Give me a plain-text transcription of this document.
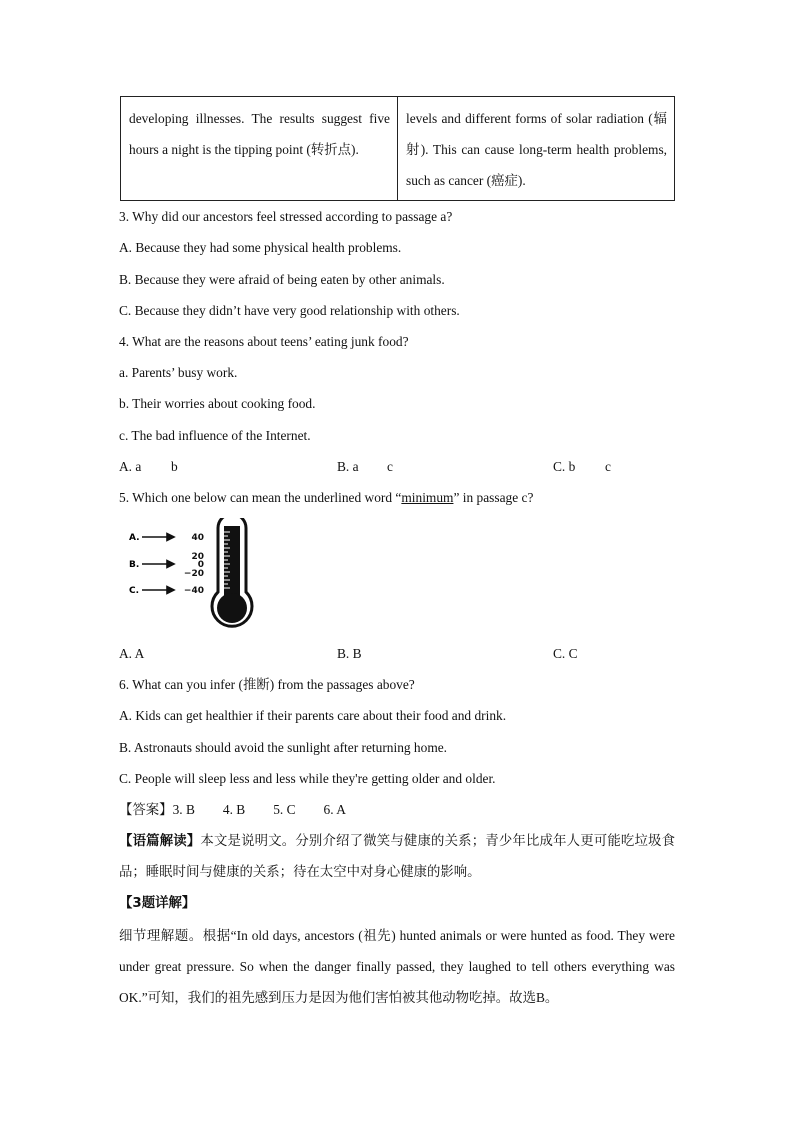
developing illnesses. The results suggest five hours a night is the tipping point (转折点).	levels and different forms of solar radiation (辐射). This can cause long-term health problems, such as cancer (癌症).
3. Why did our ancestors feel stressed according to passage a?
A. Because they had some physical health problems.
B. Because they were afraid of being eaten by other animals.
C. Because they didn’t have very good relationship with others.
4. What are the reasons about teens’ eating junk food?
a. Parents’ busy work.
b. Their worries about cooking food.
c. The bad influence of the Internet.
A. a b	B. a c	C. b c
5. Which one below can mean the underlined word “minimum” in passage c?
A.
B.
C.
40
20
0
−20
−40
A. A	B. B	C. C
6. What can you infer (推断) from the passages above?
A. Kids can get healthier if their parents care about their food and drink.
B. Astronauts should avoid the sunlight after returning home.
C. People will sleep less and less while they're getting older and older.
【答案】3. B 4. B 5. C 6. A
【语篇解读】本文是说明文。分别介绍了微笑与健康的关系；青少年比成年人更可能吃垃圾食品；睡眠时间与健康的关系；待在太空中对身心健康的影响。
【3题详解】
细节理解题。根据“In old days, ancestors (祖先) hunted animals or were hunted as food. They were under great pressure. So when the danger finally passed, they laughed to tell others everything was OK.”可知，我们的祖先感到压力是因为他们害怕被其他动物吃掉。故选B。
